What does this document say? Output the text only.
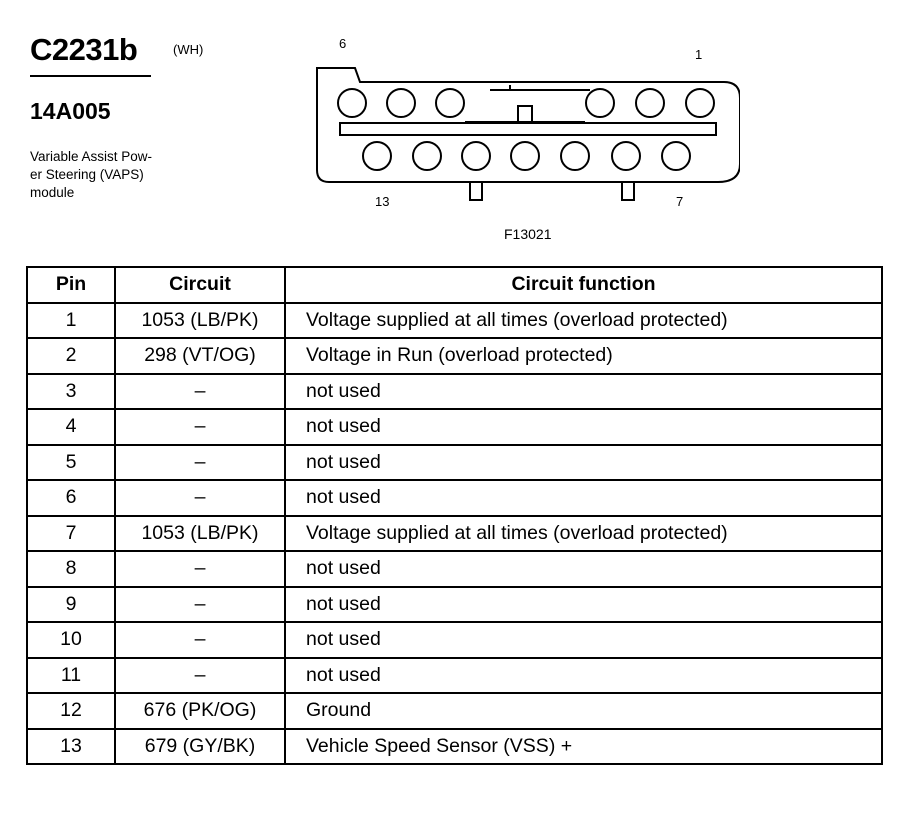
C2231b	(WH)
14A005
Variable Assist Pow-
er Steering (VAPS)
module
6
1
13	7
F13021
Pin	Circuit	Circuit function
1	1053 (LB/PK)	Voltage supplied at all times (overload protected)
2	298 (VT/OG)	Voltage in Run (overload protected)
3	–	not used
4	–	not used
5	–	not used
6	–	not used
7	1053 (LB/PK)	Voltage supplied at all times (overload protected)
8	–	not used
9	–	not used
10	–	not used
11	–	not used
12	676 (PK/OG)	Ground
13	679 (GY/BK)	Vehicle Speed Sensor (VSS) +
